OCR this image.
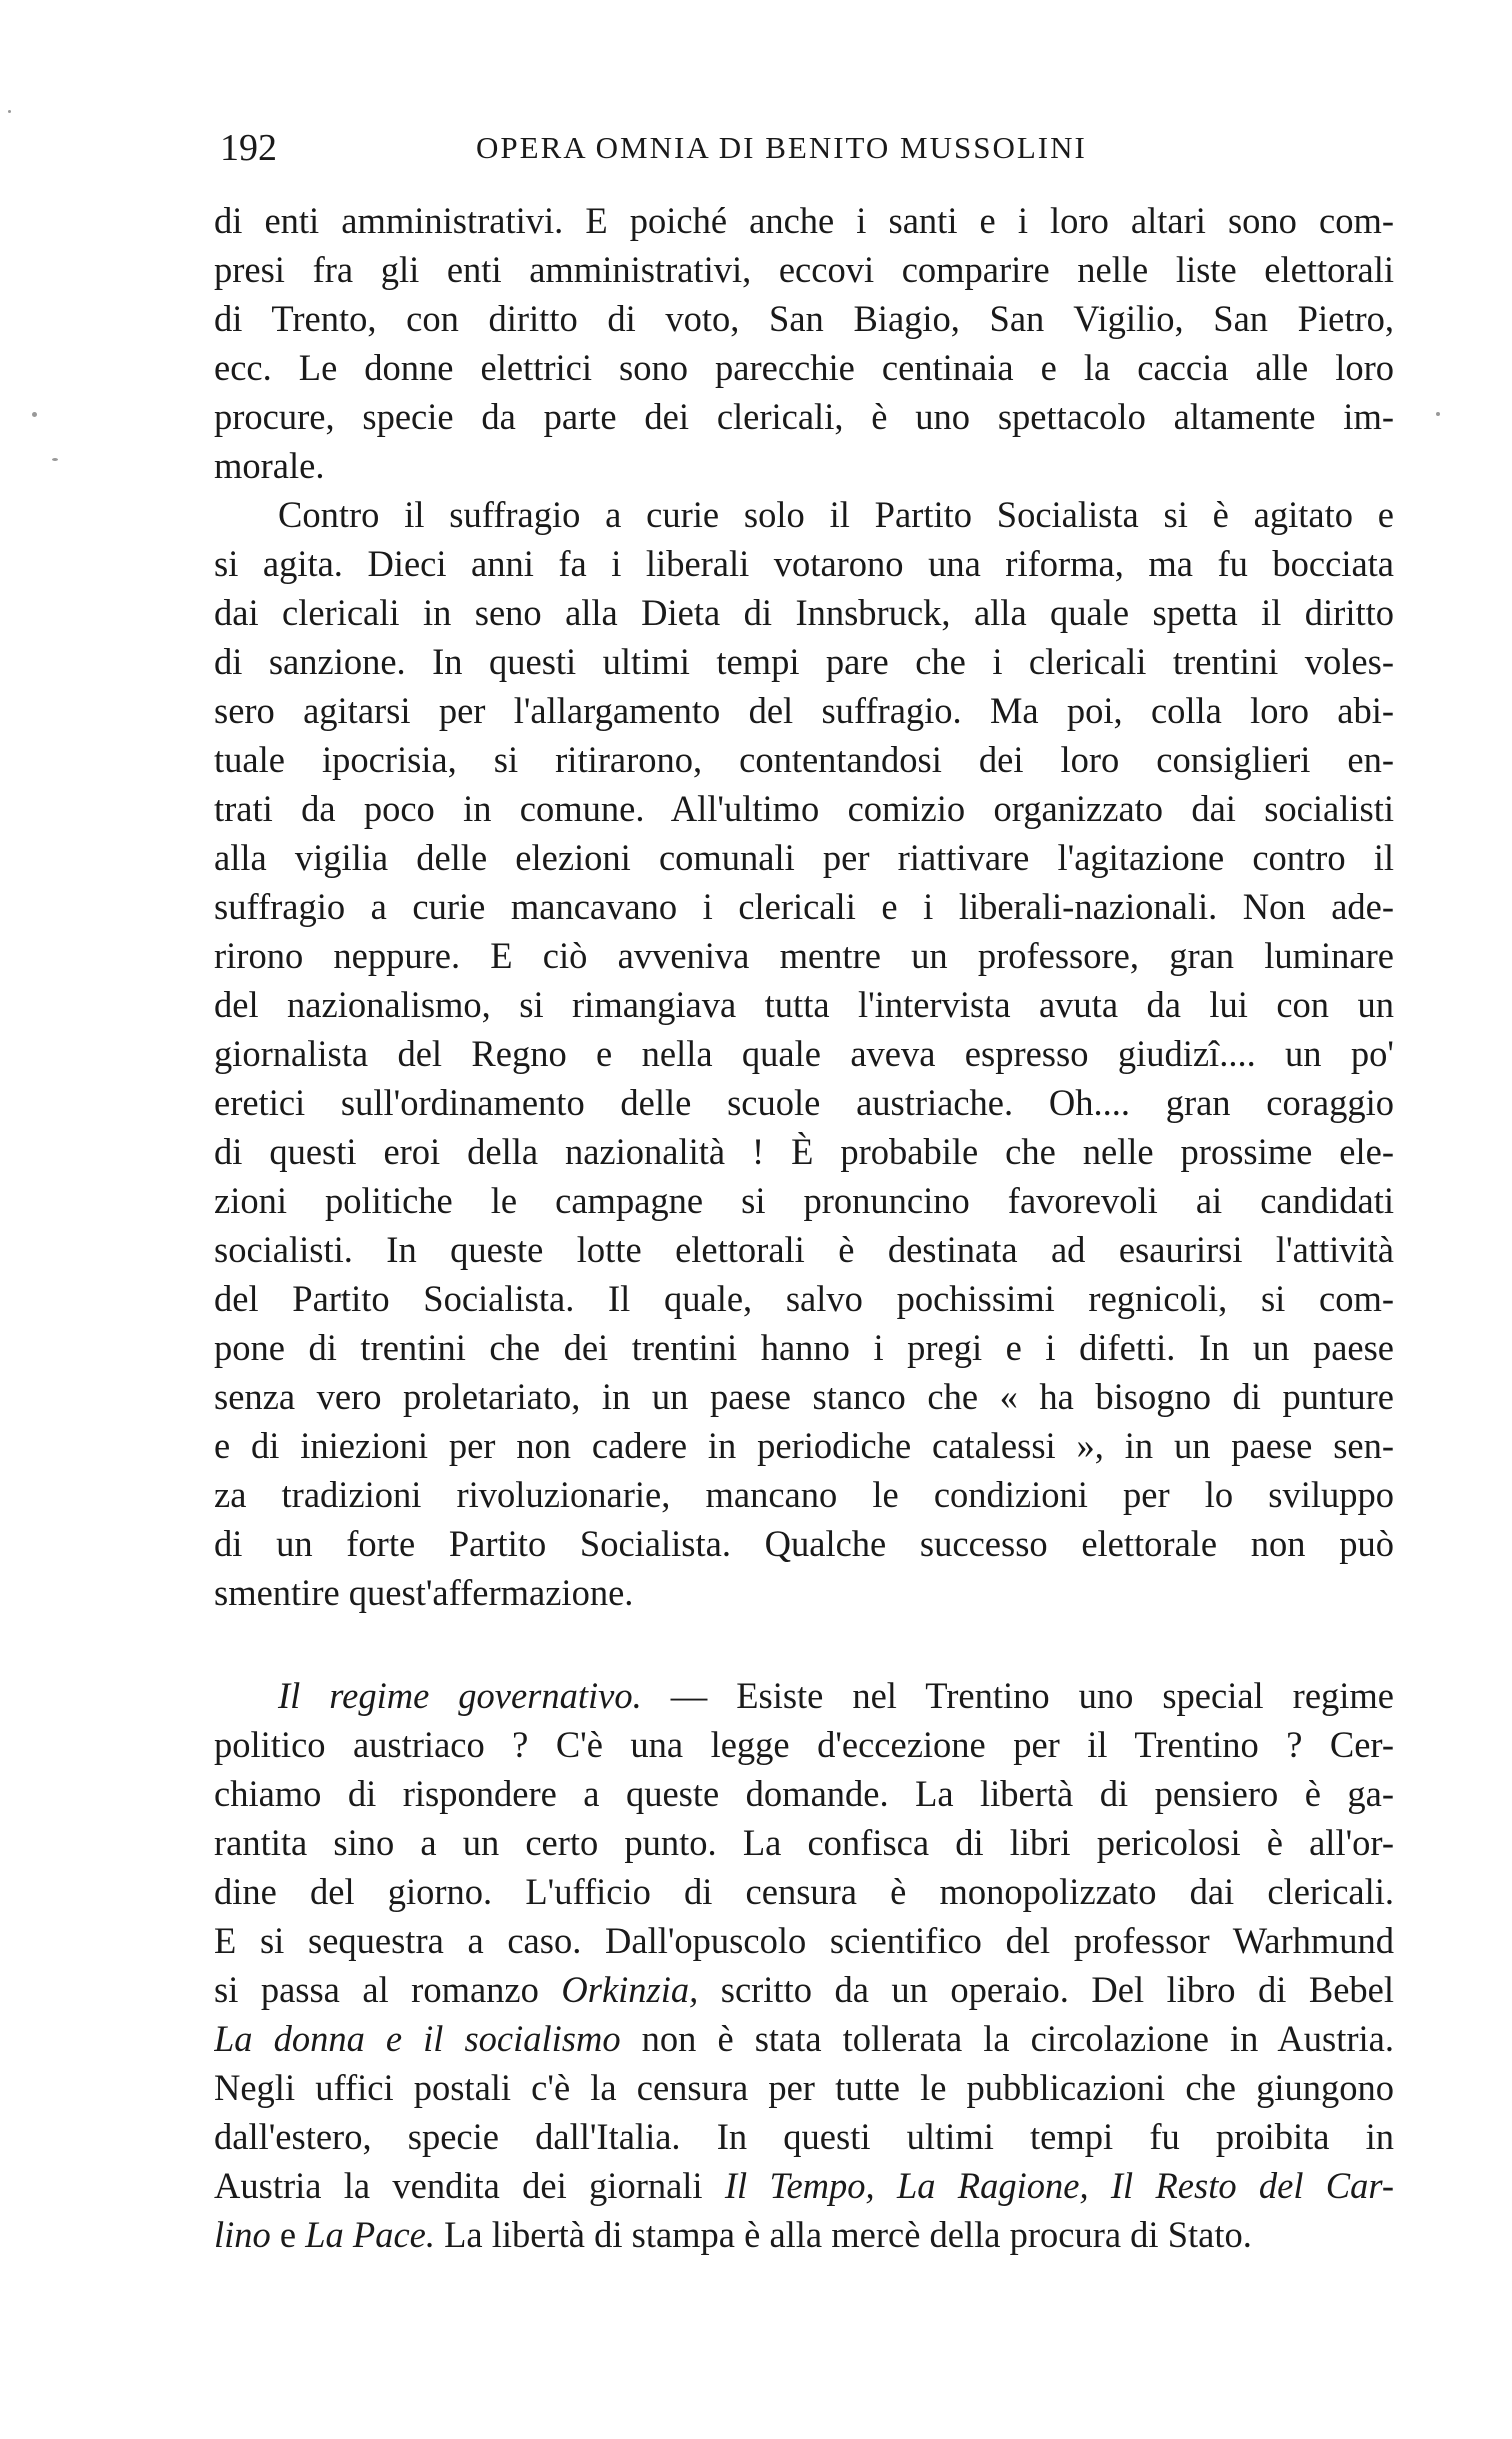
192	OPERA OMNIA DI BENITO MUSSOLINI
di enti amministrativi. E poiché anche i santi e i loro altari sono com-
presi fra gli enti amministrativi, eccovi comparire nelle liste elettorali
di Trento, con diritto di voto, San Biagio, San Vigilio, San Pietro,
ecc. Le donne elettrici sono parecchie centinaia e la caccia alle loro
procure, specie da parte dei clericali, è uno spettacolo altamente im-
morale.
Contro il suffragio a curie solo il Partito Socialista si è agitato e
si agita. Dieci anni fa i liberali votarono una riforma, ma fu bocciata
dai clericali in seno alla Dieta di Innsbruck, alla quale spetta il diritto
di sanzione. In questi ultimi tempi pare che i clericali trentini voles-
sero agitarsi per l'allargamento del suffragio. Ma poi, colla loro abi-
tuale ipocrisia, si ritirarono, contentandosi dei loro consiglieri en-
trati da poco in comune. All'ultimo comizio organizzato dai socialisti
alla vigilia delle elezioni comunali per riattivare l'agitazione contro il
suffragio a curie mancavano i clericali e i liberali-nazionali. Non ade-
rirono neppure. E ciò avveniva mentre un professore, gran luminare
del nazionalismo, si rimangiava tutta l'intervista avuta da lui con un
giornalista del Regno e nella quale aveva espresso giudizî.... un po'
eretici sull'ordinamento delle scuole austriache. Oh.... gran coraggio
di questi eroi della nazionalità ! È probabile che nelle prossime ele-
zioni politiche le campagne si pronuncino favorevoli ai candidati
socialisti. In queste lotte elettorali è destinata ad esaurirsi l'attività
del Partito Socialista. Il quale, salvo pochissimi regnicoli, si com-
pone di trentini che dei trentini hanno i pregi e i difetti. In un paese
senza vero proletariato, in un paese stanco che « ha bisogno di punture
e di iniezioni per non cadere in periodiche catalessi », in un paese sen-
za tradizioni rivoluzionarie, mancano le condizioni per lo sviluppo
di un forte Partito Socialista. Qualche successo elettorale non può
smentire quest'affermazione.
Il regime governativo. — Esiste nel Trentino uno special regime
politico austriaco ? C'è una legge d'eccezione per il Trentino ? Cer-
chiamo di rispondere a queste domande. La libertà di pensiero è ga-
rantita sino a un certo punto. La confisca di libri pericolosi è all'or-
dine del giorno. L'ufficio di censura è monopolizzato dai clericali.
E si sequestra a caso. Dall'opuscolo scientifico del professor Warhmund
si passa al romanzo Orkinzia, scritto da un operaio. Del libro di Bebel
La donna e il socialismo non è stata tollerata la circolazione in Austria.
Negli uffici postali c'è la censura per tutte le pubblicazioni che giungono
dall'estero, specie dall'Italia. In questi ultimi tempi fu proibita in
Austria la vendita dei giornali Il Tempo, La Ragione, Il Resto del Car-
lino e La Pace. La libertà di stampa è alla mercè della procura di Stato.
